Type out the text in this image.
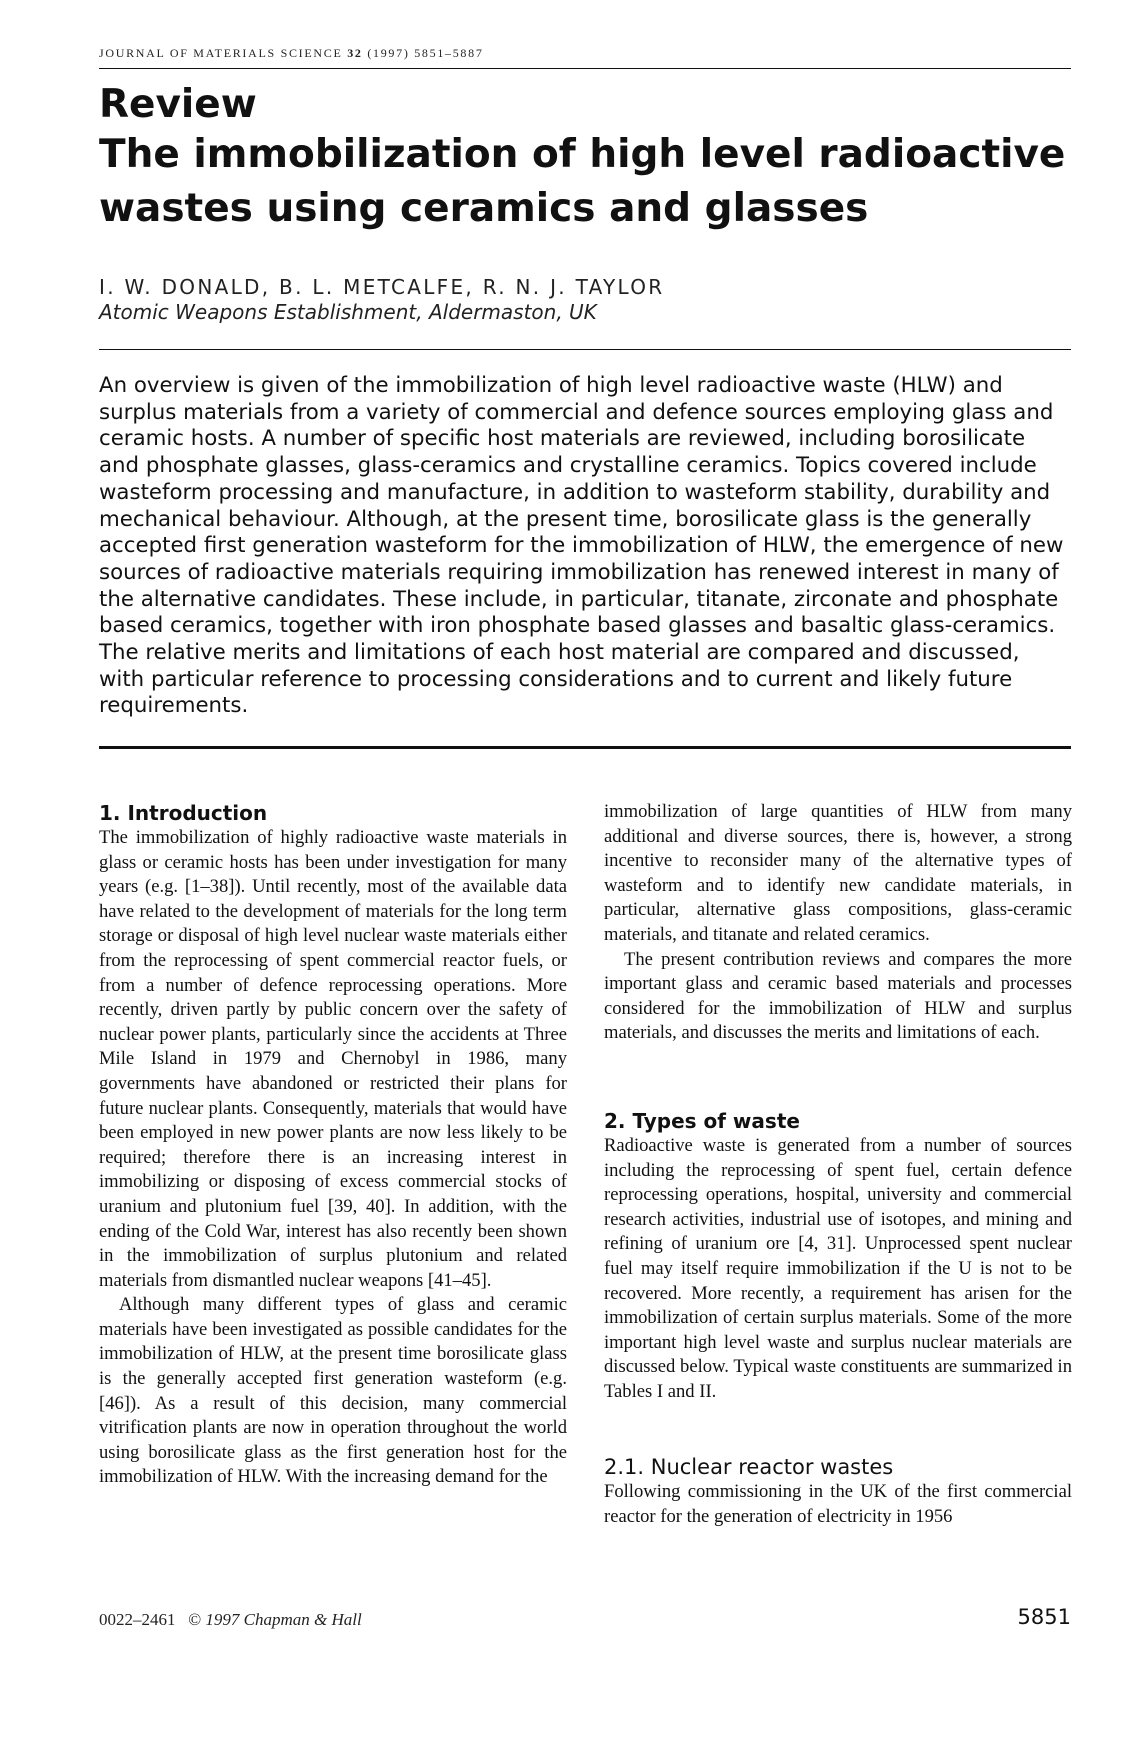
JOURNAL OF MATERIALS SCIENCE 32 (1997) 5851–5887
Review
The immobilization of high level radioactive wastes using ceramics and glasses
I. W. DONALD, B. L. METCALFE, R. N. J. TAYLOR
Atomic Weapons Establishment, Aldermaston, UK

An overview is given of the immobilization of high level radioactive waste (HLW) and surplus materials from a variety of commercial and defence sources employing glass and ceramic hosts. A number of specific host materials are reviewed, including borosilicate and phosphate glasses, glass-ceramics and crystalline ceramics. Topics covered include wasteform processing and manufacture, in addition to wasteform stability, durability and mechanical behaviour. Although, at the present time, borosilicate glass is the generally accepted first generation wasteform for the immobilization of HLW, the emergence of new sources of radioactive materials requiring immobilization has renewed interest in many of the alternative candidates. These include, in particular, titanate, zirconate and phosphate based ceramics, together with iron phosphate based glasses and basaltic glass-ceramics. The relative merits and limitations of each host material are compared and discussed, with particular reference to processing considerations and to current and likely future requirements.

1. Introduction

The immobilization of highly radioactive waste materials in glass or ceramic hosts has been under investigation for many years (e.g. [1–38]). Until recently, most of the available data have related to the development of materials for the long term storage or disposal of high level nuclear waste materials either from the reprocessing of spent commercial reactor fuels, or from a number of defence reprocessing operations. More recently, driven partly by public concern over the safety of nuclear power plants, particularly since the accidents at Three Mile Island in 1979 and Chernobyl in 1986, many governments have abandoned or restricted their plans for future nuclear plants. Consequently, materials that would have been employed in new power plants are now less likely to be required; therefore there is an increasing interest in immobilizing or disposing of excess commercial stocks of uranium and plutonium fuel [39, 40]. In addition, with the ending of the Cold War, interest has also recently been shown in the immobilization of surplus plutonium and related materials from dismantled nuclear weapons [41–45].

Although many different types of glass and ceramic materials have been investigated as possible candidates for the immobilization of HLW, at the present time borosilicate glass is the generally accepted first generation wasteform (e.g. [46]). As a result of this decision, many commercial vitrification plants are now in operation throughout the world using borosilicate glass as the first generation host for the immobilization of HLW. With the increasing demand for the

immobilization of large quantities of HLW from many additional and diverse sources, there is, however, a strong incentive to reconsider many of the alternative types of wasteform and to identify new candidate materials, in particular, alternative glass compositions, glass-ceramic materials, and titanate and related ceramics.

The present contribution reviews and compares the more important glass and ceramic based materials and processes considered for the immobilization of HLW and surplus materials, and discusses the merits and limitations of each.

2. Types of waste

Radioactive waste is generated from a number of sources including the reprocessing of spent fuel, certain defence reprocessing operations, hospital, university and commercial research activities, industrial use of isotopes, and mining and refining of uranium ore [4, 31]. Unprocessed spent nuclear fuel may itself require immobilization if the U is not to be recovered. More recently, a requirement has arisen for the immobilization of certain surplus materials. Some of the more important high level waste and surplus nuclear materials are discussed below. Typical waste constituents are summarized in Tables I and II.

2.1. Nuclear reactor wastes

Following commissioning in the UK of the first commercial reactor for the generation of electricity in 1956

0022–2461 © 1997 Chapman & Hall	5851
